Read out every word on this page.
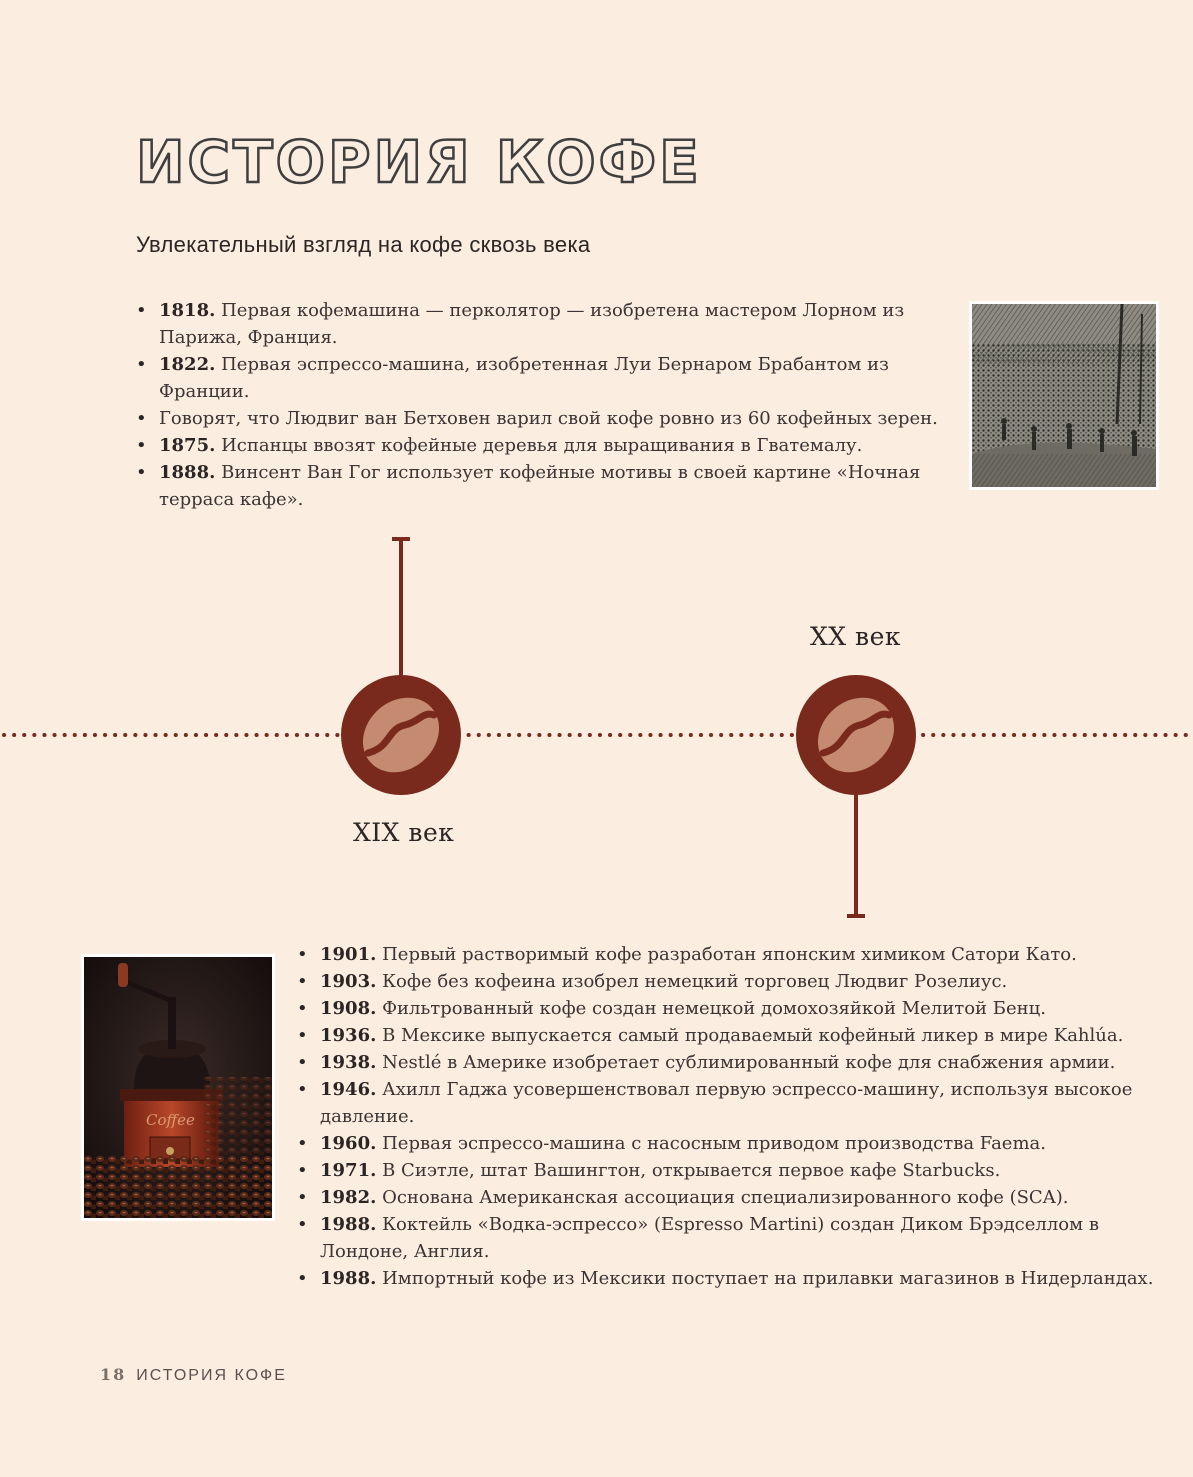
ИСТОРИЯ КОФЕ
Увлекательный взгляд на кофе сквозь века
• 1818. Первая кофемашина — перколятор — изобретена мастером Лорном из Парижа, Франция.
• 1822. Первая эспрессо-машина, изобретенная Луи Бернаром Брабантом из Франции.
• Говорят, что Людвиг ван Бетховен варил свой кофе ровно из 60 кофейных зерен.
• 1875. Испанцы ввозят кофейные деревья для выращивания в Гватемалу.
• 1888. Винсент Ван Гог использует кофейные мотивы в своей картине «Ночная терраса кафе».
XIX век
XX век
Coffee
• 1901. Первый растворимый кофе разработан японским химиком Сатори Като.
• 1903. Кофе без кофеина изобрел немецкий торговец Людвиг Розелиус.
• 1908. Фильтрованный кофе создан немецкой домохозяйкой Мелитой Бенц.
• 1936. В Мексике выпускается самый продаваемый кофейный ликер в мире Kahlúa.
• 1938. Nestlé в Америке изобретает сублимированный кофе для снабжения армии.
• 1946. Ахилл Гаджа усовершенствовал первую эспрессо-машину, используя высокое давление.
• 1960. Первая эспрессо-машина с насосным приводом производства Faema.
• 1971. В Сиэтле, штат Вашингтон, открывается первое кафе Starbucks.
• 1982. Основана Американская ассоциация специализированного кофе (SCA).
• 1988. Коктейль «Водка-эспрессо» (Espresso Martini) создан Диком Брэдселлом в Лондоне, Англия.
• 1988. Импортный кофе из Мексики поступает на прилавки магазинов в Нидерландах.
18 ИСТОРИЯ КОФЕ
